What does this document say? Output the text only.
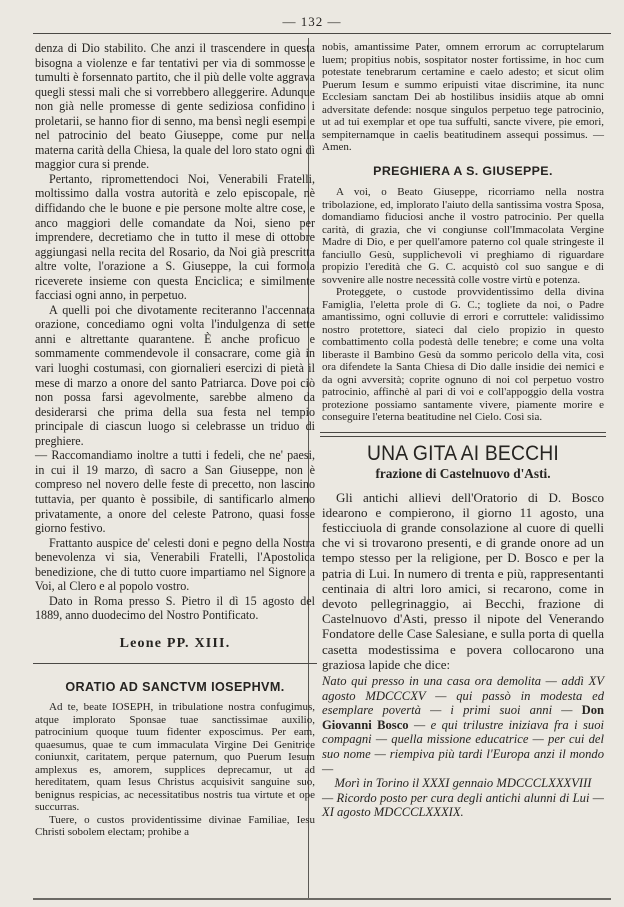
— 132 —

denza di Dio stabilito. Che anzi il trascendere in questa bisogna a violenze e far tentativi per via di sommosse e tumulti è forsennato partito, che il più delle volte aggrava quegli stessi mali che si vorrebbero alleggerire. Adunque non già nelle promesse di gente sediziosa confidino i proletarii, se hanno fior di senno, ma bensì negli esempi e nel patrocinio del beato Giuseppe, come pur nella materna carità della Chiesa, la quale del loro stato ogni dì maggior cura si prende.

Pertanto, ripromettendoci Noi, Venerabili Fratelli, moltissimo dalla vostra autorità e zelo episcopale, nè diffidando che le buone e pie persone molte altre cose, e anco maggiori delle comandate da Noi, sieno per imprendere, decretiamo che in tutto il mese di ottobre aggiungasi nella recita del Rosario, da Noi già prescritta altre volte, l'orazione a S. Giuseppe, la cui formola riceverete insieme con questa Enciclica; e similmente facciasi ogni anno, in perpetuo.

A quelli poi che divotamente reciteranno l'accennata orazione, concediamo ogni volta l'indulgenza di sette anni e altrettante quarantene. È anche proficuo e sommamente commendevole il consacrare, come già in vari luoghi costumasi, con giornalieri esercizi di pietà il mese di marzo a onore del santo Patriarca. Dove poi ciò non possa farsi agevolmente, sarebbe almeno da desiderarsi che prima della sua festa nel tempio principale di ciascun luogo si celebrasse un triduo di preghiere.

— Raccomandiamo inoltre a tutti i fedeli, che ne' paesi, in cui il 19 marzo, dì sacro a San Giuseppe, non è compreso nel novero delle feste di precetto, non lascino tuttavia, per quanto è possibile, di santificarlo almeno privatamente, a onore del celeste Patrono, quasi fosse giorno festivo.

Frattanto auspice de' celesti doni e pegno della Nostra benevolenza vi sia, Venerabili Fratelli, l'Apostolica benedizione, che di tutto cuore impartiamo nel Signore a Voi, al Clero e al popolo vostro.

Dato in Roma presso S. Pietro il dì 15 agosto del 1889, anno duodecimo del Nostro Pontificato.

Leone PP. XIII.
ORATIO AD SANCTVM IOSEPHVM.

Ad te, beate IOSEPH, in tribulatione nostra confugimus, atque implorato Sponsae tuae sanctissimae auxilio, patrocinium quoque tuum fidenter exposcimus. Per eam, quaesumus, quae te cum immaculata Virgine Dei Genitrice coniunxit, caritatem, perque paternum, quo Puerum Iesum amplexus es, amorem, supplices deprecamur, ut ad hereditatem, quam Iesus Christus acquisivit sanguine suo, benignus respicias, ac necessitatibus nostris tua virtute et ope succurras.

Tuere, o custos providentissime divinae Familiae, Iesu Christi sobolem electam; prohibe a

nobis, amantissime Pater, omnem errorum ac corruptelarum luem; propitius nobis, sospitator noster fortissime, in hoc cum potestate tenebrarum certamine e caelo adesto; et sicut olim Puerum Iesum e summo eripuisti vitae discrimine, ita nunc Ecclesiam sanctam Dei ab hostilibus insidiis atque ab omni adversitate defende: nosque singulos perpetuo tege patrocinio, ut ad tui exemplar et ope tua suffulti, sancte vivere, pie emori, sempiternamque in caelis beatitudinem assequi possimus. — Amen.

PREGHIERA A S. GIUSEPPE.

A voi, o Beato Giuseppe, ricorriamo nella nostra tribolazione, ed, implorato l'aiuto della santissima vostra Sposa, domandiamo fiduciosi anche il vostro patrocinio. Per quella carità, di grazia, che vi congiunse coll'Immacolata Vergine Madre di Dio, e per quell'amore paterno col quale stringeste il fanciullo Gesù, supplichevoli vi preghiamo di riguardare propizio l'eredità che G. C. acquistò col suo sangue e di sovvenire alle nostre necessità colle vostre virtù e potenza.

Proteggete, o custode provvidentissimo della divina Famiglia, l'eletta prole di G. C.; togliete da noi, o Padre amantissimo, ogni colluvie di errori e corruttele: validissimo nostro protettore, siateci dal cielo propizio in questo combattimento colla podestà delle tenebre; e come una volta liberaste il Bambino Gesù da sommo pericolo della vita, così ora difendete la Santa Chiesa di Dio dalle insidie dei nemici e da ogni avversità; coprite ognuno di noi col perpetuo vostro patrocinio, affinchè al pari di voi e coll'appoggio della vostra protezione possiamo santamente vivere, piamente morire e conseguire l'eterna beatitudine nel Cielo. Così sia.

UNA GITA AI BECCHI
frazione di Castelnuovo d'Asti.

Gli antichi allievi dell'Oratorio di D. Bosco idearono e compierono, il giorno 11 agosto, una festicciuola di grande consolazione al cuore di quelli che vi si trovarono presenti, e di grande onore ad un tempo stesso per la religione, per D. Bosco e per la patria di Lui. In numero di trenta e più, rappresentanti centinaia di altri loro amici, si recarono, come in devoto pellegrinaggio, ai Becchi, frazione di Castelnuovo d'Asti, presso il nipote del Venerando Fondatore delle Case Salesiane, e sulla porta di quella casetta modestissima e povera collocarono una graziosa lapide che dice:

Nato qui presso in una casa ora demolita — addì XV agosto MDCCCXV — qui passò in modesta ed esemplare povertà — i primi suoi anni — Don Giovanni Bosco — e qui trilustre iniziava fra i suoi compagni — quella missione educatrice — per cui del suo nome — riempiva più tardi l'Europa anzi il mondo —
Morì in Torino il XXXI gennaio MDCCCLXXXVIII
— Ricordo posto per cura degli antichi alunni di Lui — XI agosto MDCCCLXXXIX.
